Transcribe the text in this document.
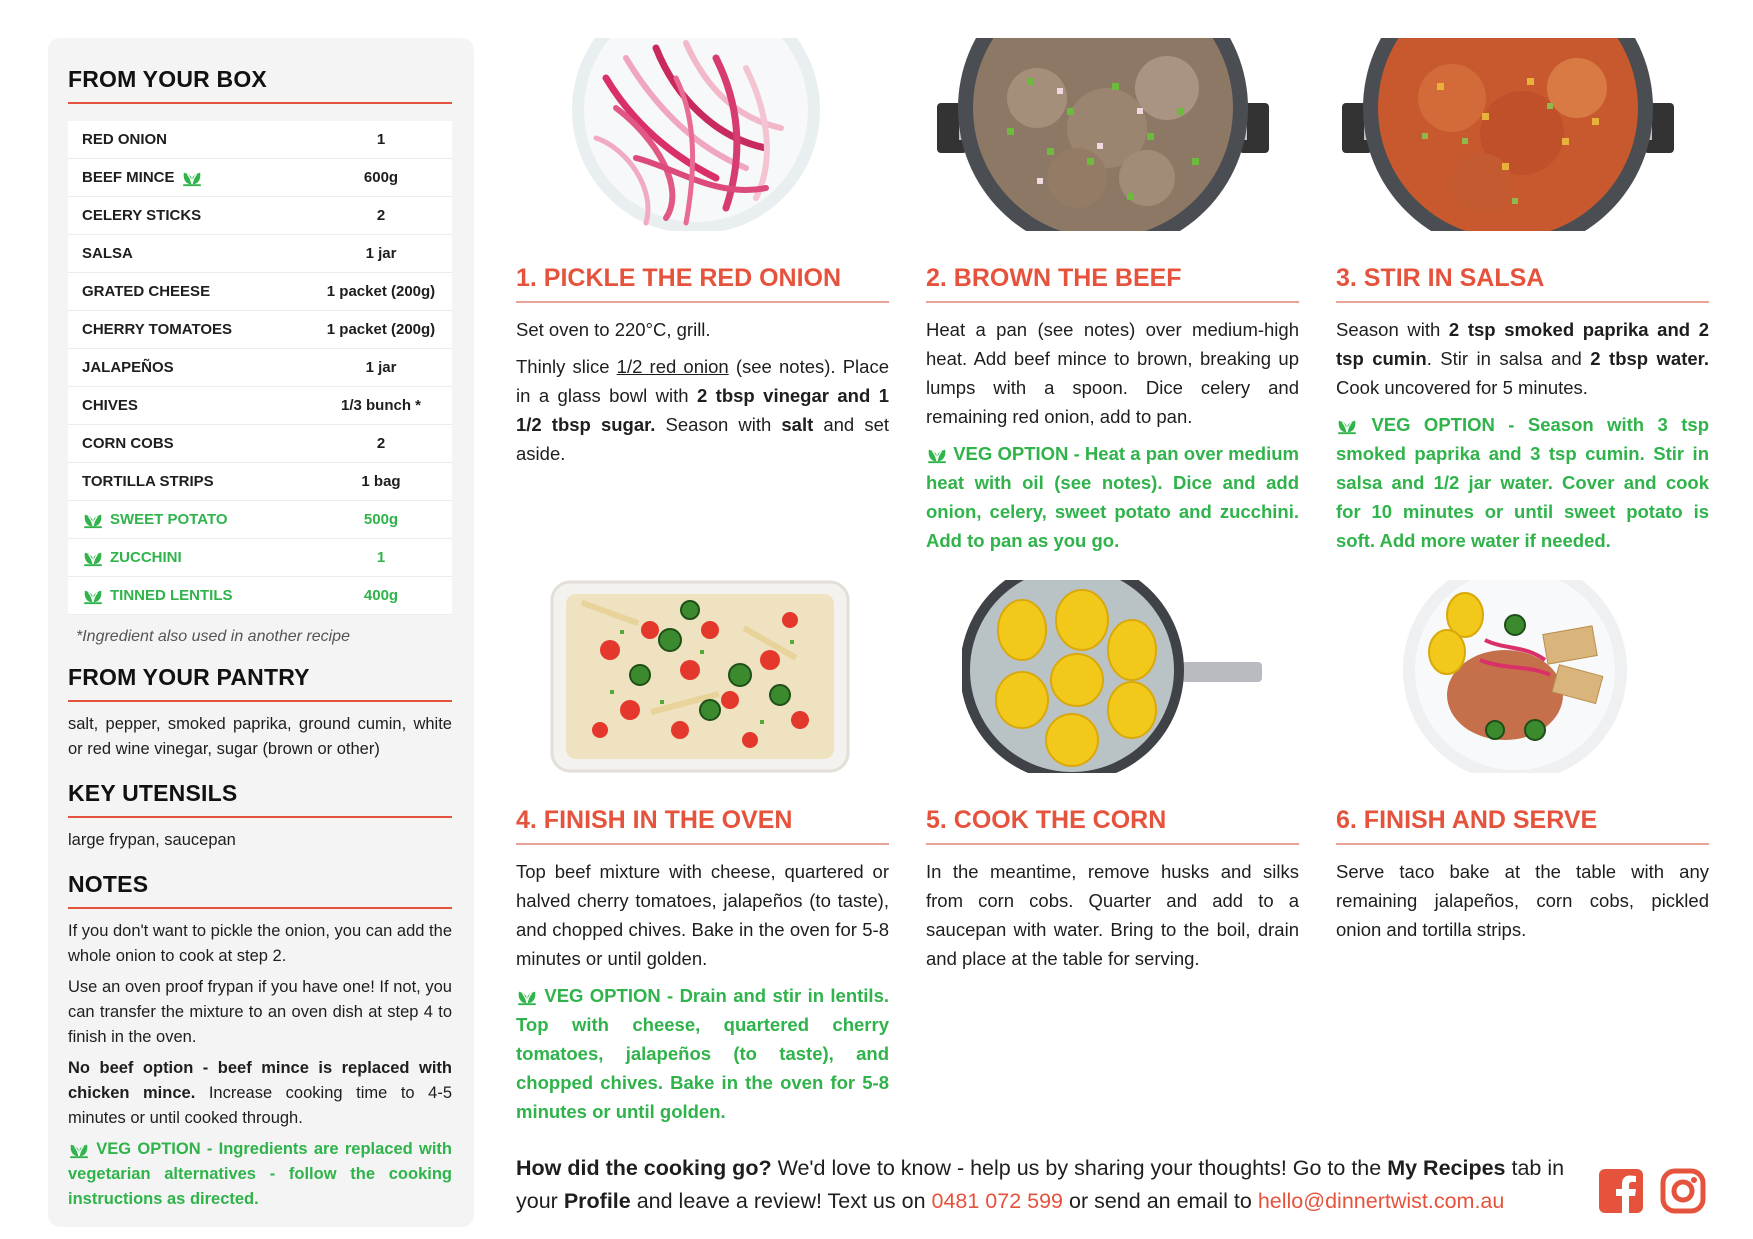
FROM YOUR BOX
RED ONION	1
BEEF MINCE	600g
CELERY STICKS	2
SALSA	1 jar
GRATED CHEESE	1 packet (200g)
CHERRY TOMATOES	1 packet (200g)
JALAPEÑOS	1 jar
CHIVES	1/3 bunch *
CORN COBS	2
TORTILLA STRIPS	1 bag
SWEET POTATO	500g
ZUCCHINI	1
TINNED LENTILS	400g
*Ingredient also used in another recipe
FROM YOUR PANTRY

salt, pepper, smoked paprika, ground cumin, white or red wine vinegar, sugar (brown or other)

KEY UTENSILS

large frypan, saucepan

NOTES

If you don't want to pickle the onion, you can add the whole onion to cook at step 2.

Use an oven proof frypan if you have one! If not, you can transfer the mixture to an oven dish at step 4 to finish in the oven.

No beef option - beef mince is replaced with chicken mince. Increase cooking time to 4-5 minutes or until cooked through.

VEG OPTION - Ingredients are replaced with vegetarian alternatives - follow the cooking instructions as directed.

1. PICKLE THE RED ONION

Set oven to 220°C, grill.

Thinly slice 1/2 red onion (see notes). Place in a glass bowl with 2 tbsp vinegar and 1 1/2 tbsp sugar. Season with salt and set aside.

2. BROWN THE BEEF

Heat a pan (see notes) over medium-high heat. Add beef mince to brown, breaking up lumps with a spoon. Dice celery and remaining red onion, add to pan.

VEG OPTION - Heat a pan over medium heat with oil (see notes). Dice and add onion, celery, sweet potato and zucchini. Add to pan as you go.

3. STIR IN SALSA

Season with 2 tsp smoked paprika and 2 tsp cumin. Stir in salsa and 2 tbsp water. Cook uncovered for 5 minutes.

VEG OPTION - Season with 3 tsp smoked paprika and 3 tsp cumin. Stir in salsa and 1/2 jar water. Cover and cook for 10 minutes or until sweet potato is soft. Add more water if needed.

4. FINISH IN THE OVEN

Top beef mixture with cheese, quartered or halved cherry tomatoes, jalapeños (to taste), and chopped chives. Bake in the oven for 5-8 minutes or until golden.

VEG OPTION - Drain and stir in lentils. Top with cheese, quartered cherry tomatoes, jalapeños (to taste), and chopped chives. Bake in the oven for 5-8 minutes or until golden.

5. COOK THE CORN

In the meantime, remove husks and silks from corn cobs. Quarter and add to a saucepan with water. Bring to the boil, drain and place at the table for serving.

6. FINISH AND SERVE

Serve taco bake at the table with any remaining jalapeños, corn cobs, pickled onion and tortilla strips.

How did the cooking go? We'd love to know - help us by sharing your thoughts! Go to the My Recipes tab in your Profile and leave a review! Text us on 0481 072 599 or send an email to hello@dinnertwist.com.au
